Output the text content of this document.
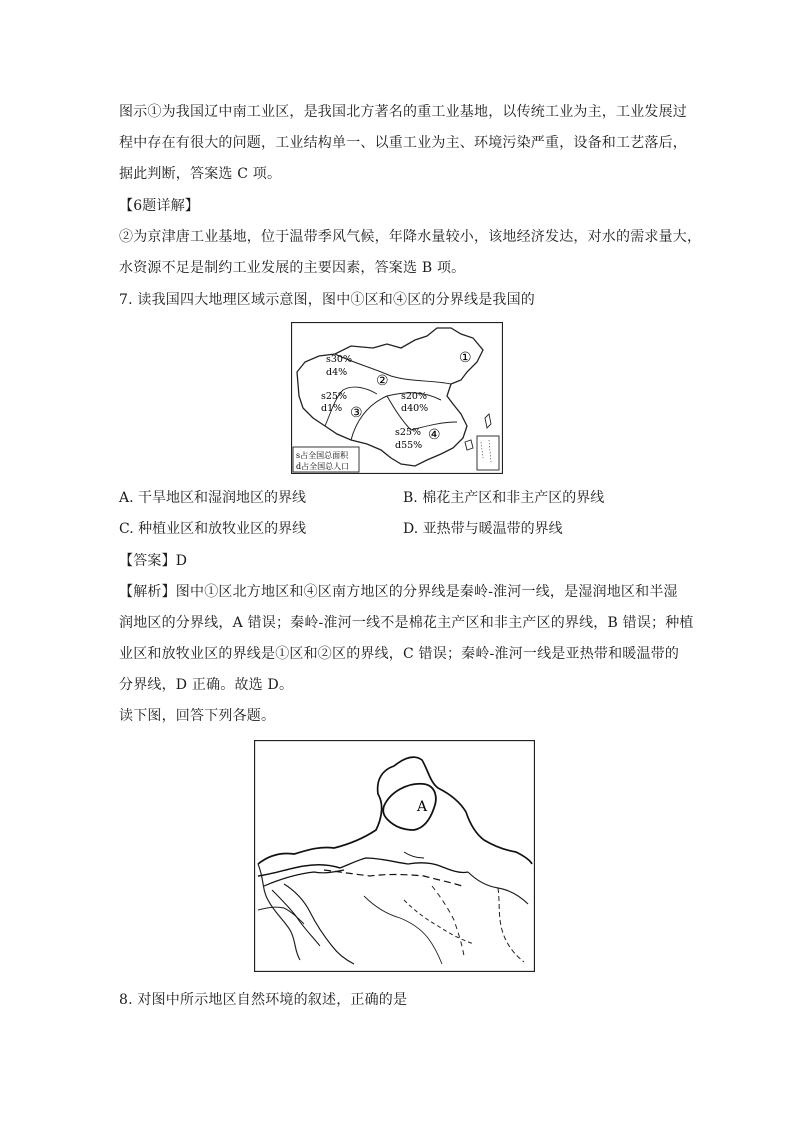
图示①为我国辽中南工业区，是我国北方著名的重工业基地，以传统工业为主，工业发展过
程中存在有很大的问题，工业结构单一、以重工业为主、环境污染严重，设备和工艺落后，
据此判断，答案选 C 项。
【6题详解】
②为京津唐工业基地，位于温带季风气候，年降水量较小，该地经济发达，对水的需求量大，
水资源不足是制约工业发展的主要因素，答案选 B 项。
7. 读我国四大地理区域示意图，图中①区和④区的分界线是我国的
①
②
③
④
s30%
d4%
s25%
d1%
s20%
d40%
s25%
d55%
s占全国总面积
d占全国总人口
A. 干旱地区和湿润地区的界线	B. 棉花主产区和非主产区的界线
C. 种植业区和放牧业区的界线	D. 亚热带与暖温带的界线
【答案】D
【解析】图中①区北方地区和④区南方地区的分界线是秦岭-淮河一线，是湿润地区和半湿
润地区的分界线，A 错误；秦岭-淮河一线不是棉花主产区和非主产区的界线，B 错误；种植
业区和放牧业区的界线是①区和②区的界线，C 错误；秦岭-淮河一线是亚热带和暖温带的
分界线，D 正确。故选 D。
读下图，回答下列各题。
A
8. 对图中所示地区自然环境的叙述，正确的是
